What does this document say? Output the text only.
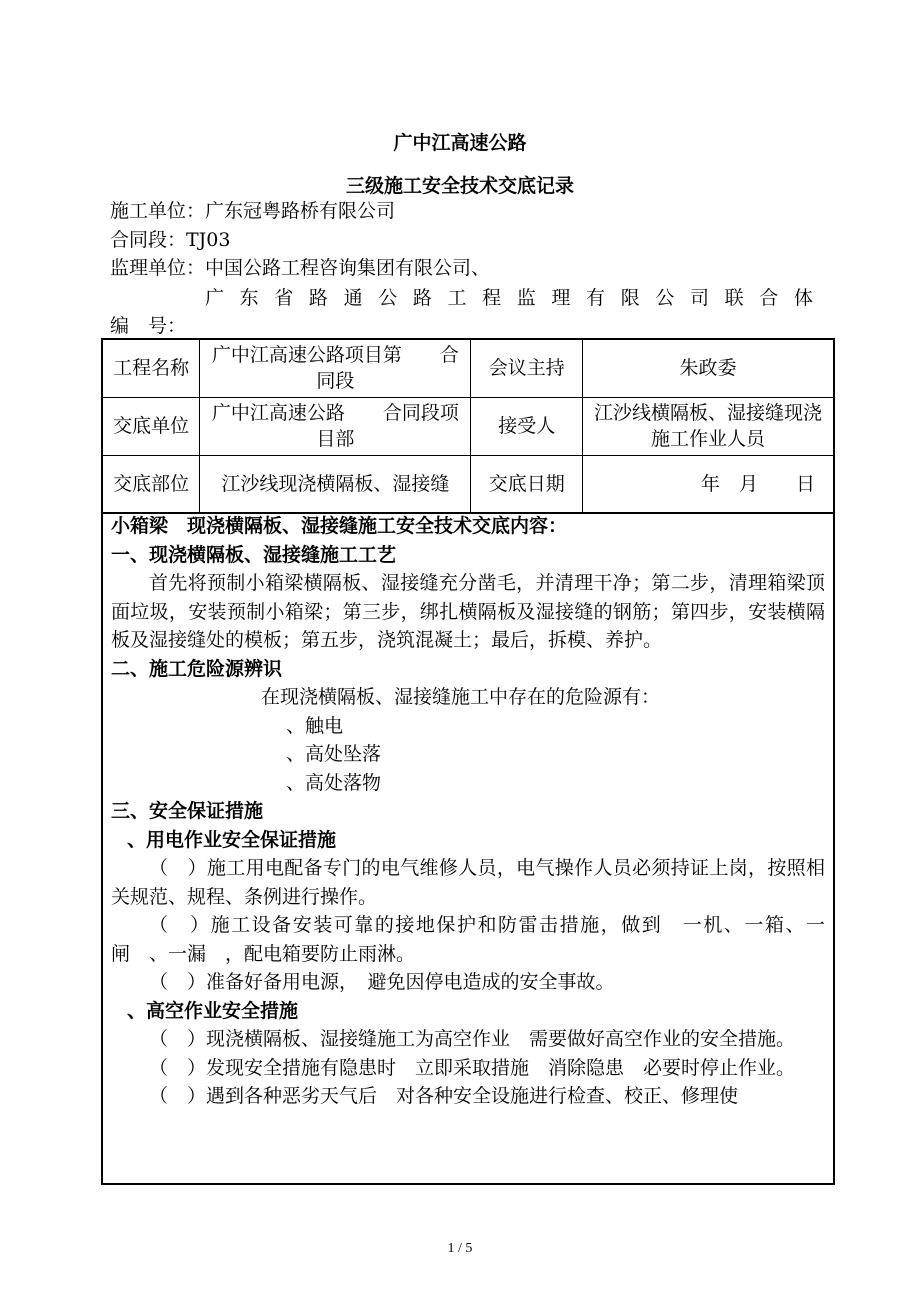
广中江高速公路
三级施工安全技术交底记录
施工单位：广东冠粤路桥有限公司
合同段：TJ03
监理单位：中国公路工程咨询集团有限公司、
广 东 省 路 通 公 路 工 程 监 理 有 限 公 司 联 合 体
编　号：
工程名称	广中江高速公路项目第　　合同段	会议主持	朱政委
交底单位	广中江高速公路　　合同段项目部	接受人	江沙线横隔板、湿接缝现浇施工作业人员
交底部位	江沙线现浇横隔板、湿接缝	交底日期	年　月　　日

小箱梁　现浇横隔板、湿接缝施工安全技术交底内容：

一、现浇横隔板、湿接缝施工工艺

首先将预制小箱梁横隔板、湿接缝充分凿毛，并清理干净；第二步，清理箱梁顶面垃圾，安装预制小箱梁；第三步，绑扎横隔板及湿接缝的钢筋；第四步，安装横隔板及湿接缝处的模板；第五步，浇筑混凝土；最后，拆模、养护。

二、施工危险源辨识

在现浇横隔板、湿接缝施工中存在的危险源有：

、触电

、高处坠落

、高处落物

三、安全保证措施

、用电作业安全保证措施

（　）施工用电配备专门的电气维修人员，电气操作人员必须持证上岗，按照相关规范、规程、条例进行操作。

（　）施工设备安装可靠的接地保护和防雷击措施，做到　一机、一箱、一闸　、一漏　，配电箱要防止雨淋。

（　）准备好备用电源，　避免因停电造成的安全事故。

、高空作业安全措施

（　）现浇横隔板、湿接缝施工为高空作业　需要做好高空作业的安全措施。

（　）发现安全措施有隐患时　立即采取措施　消除隐患　必要时停止作业。

（　）遇到各种恶劣天气后　对各种安全设施进行检查、校正、修理使

1 / 5
